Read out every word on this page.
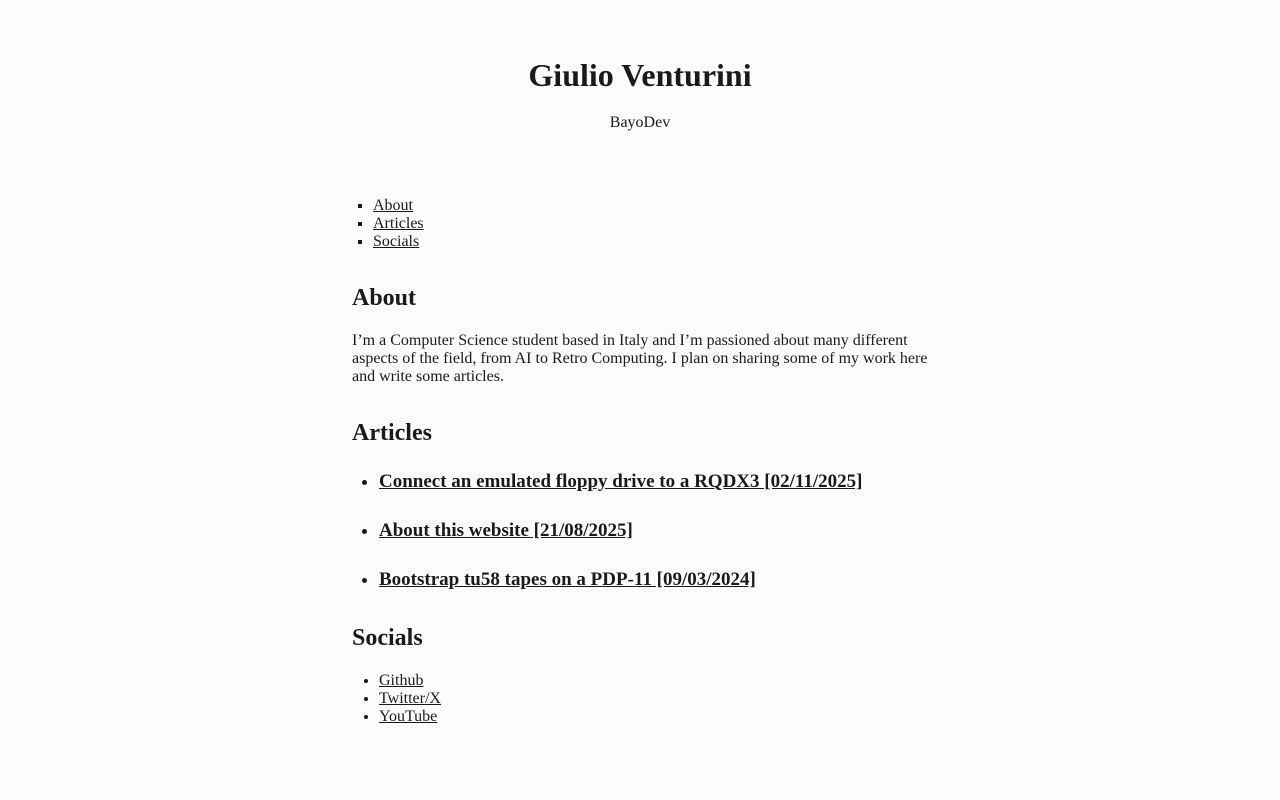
Giulio Venturini

BayoDev

▪ About
▪ Articles
▪ Socials
About

I’m a Computer Science student based in Italy and I’m passioned about many different aspects of the field, from AI to Retro Computing. I plan on sharing some of my work here and write some articles.

Articles
• Connect an emulated floppy drive to a RQDX3 [02/11/2025]
• About this website [21/08/2025]
• Bootstrap tu58 tapes on a PDP-11 [09/03/2024]
Socials
• Github
• Twitter/X
• YouTube
